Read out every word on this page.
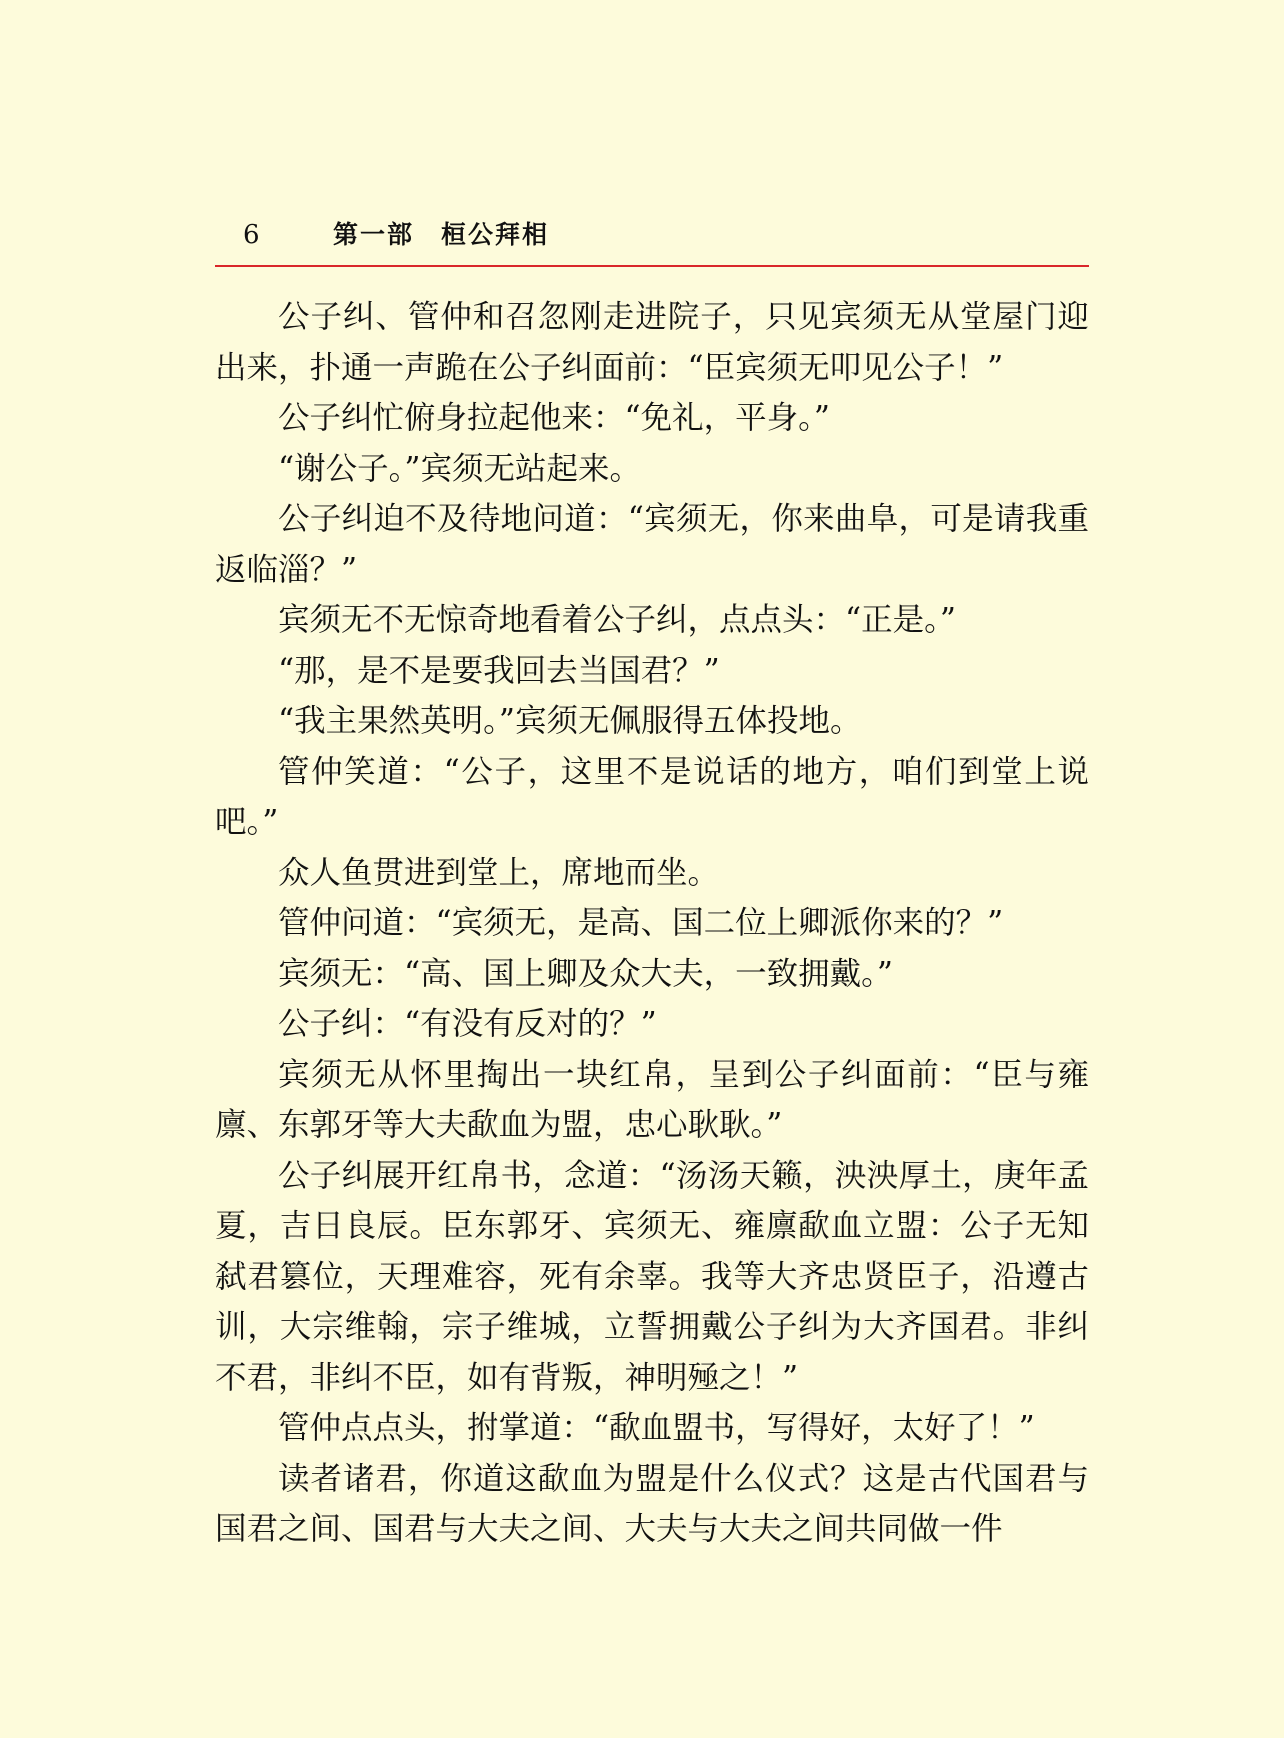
6	第一部　桓公拜相

公子纠、管仲和召忽刚走进院子，只见宾须无从堂屋门迎出来，扑通一声跪在公子纠面前：“臣宾须无叩见公子！”

公子纠忙俯身拉起他来：“免礼，平身。”

“谢公子。”宾须无站起来。

公子纠迫不及待地问道：“宾须无，你来曲阜，可是请我重返临淄？”

宾须无不无惊奇地看着公子纠，点点头：“正是。”

“那，是不是要我回去当国君？”

“我主果然英明。”宾须无佩服得五体投地。

管仲笑道：“公子，这里不是说话的地方，咱们到堂上说吧。”

众人鱼贯进到堂上，席地而坐。

管仲问道：“宾须无，是高、国二位上卿派你来的？”

宾须无：“高、国上卿及众大夫，一致拥戴。”

公子纠：“有没有反对的？”

宾须无从怀里掏出一块红帛，呈到公子纠面前：“臣与雍廪、东郭牙等大夫歃血为盟，忠心耿耿。”

公子纠展开红帛书，念道：“汤汤天籁，泱泱厚土，庚年孟夏，吉日良辰。臣东郭牙、宾须无、雍廪歃血立盟：公子无知弑君篡位，天理难容，死有余辜。我等大齐忠贤臣子，沿遵古训，大宗维翰，宗子维城，立誓拥戴公子纠为大齐国君。非纠不君，非纠不臣，如有背叛，神明殛之！”

管仲点点头，拊掌道：“歃血盟书，写得好，太好了！”

读者诸君，你道这歃血为盟是什么仪式？这是古代国君与国君之间、国君与大夫之间、大夫与大夫之间共同做一件
